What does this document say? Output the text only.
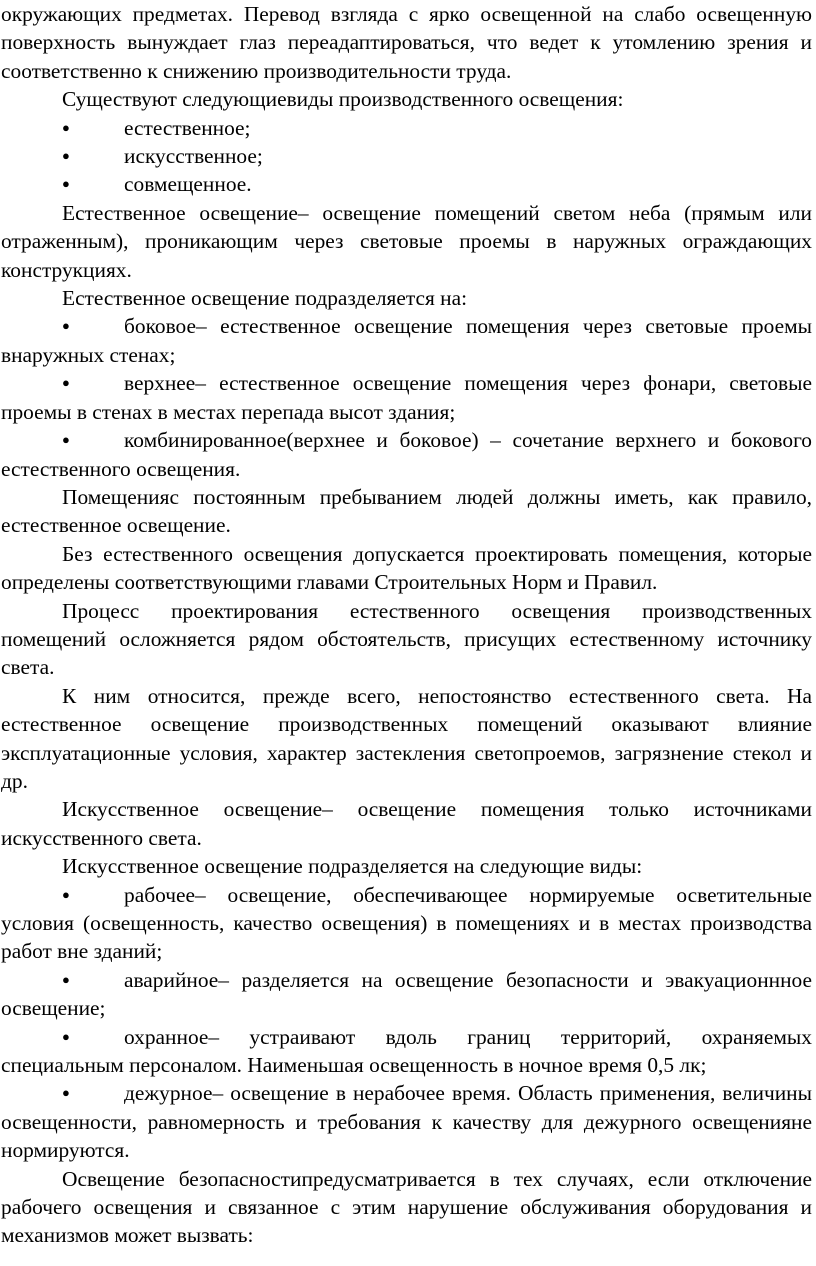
окружающих предметах. Перевод взгляда с ярко освещенной на слабо освещенную поверхность вынуждает глаз переадаптироваться, что ведет к утомлению зрения и соответственно к снижению производительности труда.

Существуют следующиевиды производственного освещения:

●	естественное;

●	искусственное;

●	совмещенное.

Естественное освещение– освещение помещений светом неба (прямым или отраженным), проникающим через световые проемы в наружных ограждающих конструкциях.

Естественное освещение подразделяется на:

●	боковое– естественное освещение помещения через световые проемы внаружных стенах;

●	верхнее– естественное освещение помещения через фонари, световые проемы в стенах в местах перепада высот здания;

●	комбинированное(верхнее и боковое) – сочетание верхнего и бокового естественного освещения.

Помещенияс постоянным пребыванием людей должны иметь, как правило, естественное освещение.

Без естественного освещения допускается проектировать помещения, которые определены соответствующими главами Строительных Норм и Правил.

Процесс проектирования естественного освещения производственных помещений осложняется рядом обстоятельств, присущих естественному источнику света.

К ним относится, прежде всего, непостоянство естественного света. На естественное освещение производственных помещений оказывают влияние эксплуатационные условия, характер застекления светопроемов, загрязнение стекол и др.

Искусственное освещение– освещение помещения только источниками искусственного света.

Искусственное освещение подразделяется на следующие виды:

●	рабочее– освещение, обеспечивающее нормируемые осветительные условия (освещенность, качество освещения) в помещениях и в местах производства работ вне зданий;

●	аварийное– разделяется на освещение безопасности и эвакуационнное освещение;

●	охранное– устраивают вдоль границ территорий, охраняемых специальным персоналом. Наименьшая освещенность в ночное время 0,5 лк;

●	дежурное– освещение в нерабочее время. Область применения, величины освещенности, равномерность и требования к качеству для дежурного освещенияне нормируются.

Освещение безопасностипредусматривается в тех случаях, если отключение рабочего освещения и связанное с этим нарушение обслуживания оборудования и механизмов может вызвать:
